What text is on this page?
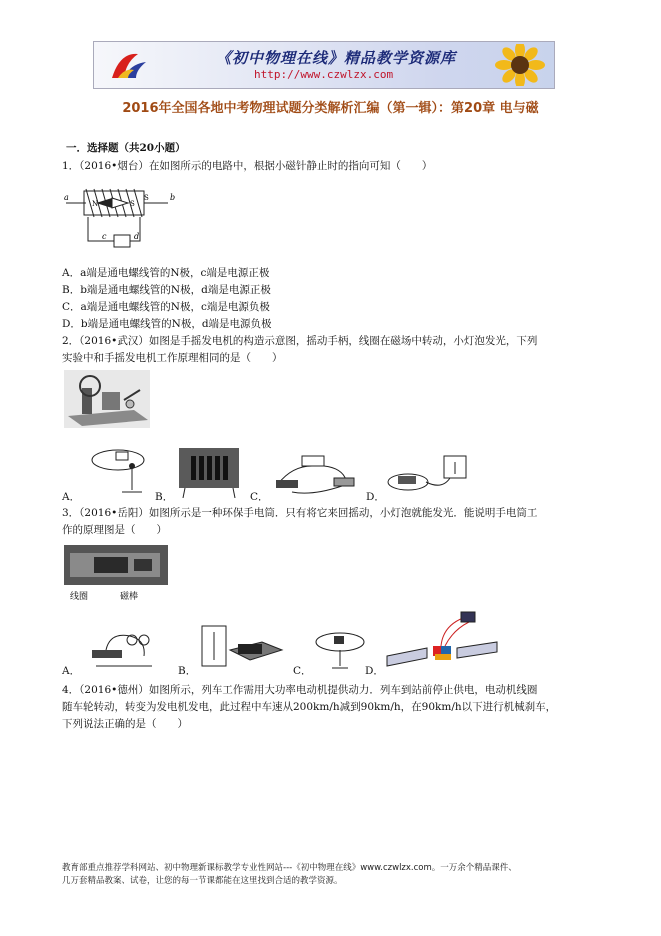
《初中物理在线》精品教学资源库
http://www.czwlzx.com
2016年全国各地中考物理试题分类解析汇编（第一辑）：第20章 电与磁
一．选择题（共20小题）
1．（2016•烟台）在如图所示的电路中，根据小磁针静止时的指向可知（　　）
a	b
N	S
S
c	d
A．a端是通电螺线管的N极，c端是电源正极
B．b端是通电螺线管的N极，d端是电源正极
C．a端是通电螺线管的N极，c端是电源负极
D．b端是通电螺线管的N极，d端是电源负极
2．（2016•武汉）如图是手摇发电机的构造示意图，摇动手柄，线圈在磁场中转动，小灯泡发光，下列
实验中和手摇发电机工作原理相同的是（　　）
A．	B．	C．	D．
3．（2016•岳阳）如图所示是一种环保手电筒．只有将它来回摇动，小灯泡就能发光．能说明手电筒工
作的原理图是（　　）
线圈	磁棒
A．	B．	C．	D．
4．（2016•德州）如图所示，列车工作需用大功率电动机提供动力．列车到站前停止供电，电动机线圈
随车轮转动，转变为发电机发电，此过程中车速从200km/h减到90km/h，在90km/h以下进行机械刹车，
下列说法正确的是（　　）
教育部重点推荐学科网站、初中物理新课标教学专业性网站---《初中物理在线》www.czwlzx.com。一万余个精品课件、
几万套精品教案、试卷，让您的每一节课都能在这里找到合适的教学资源。
